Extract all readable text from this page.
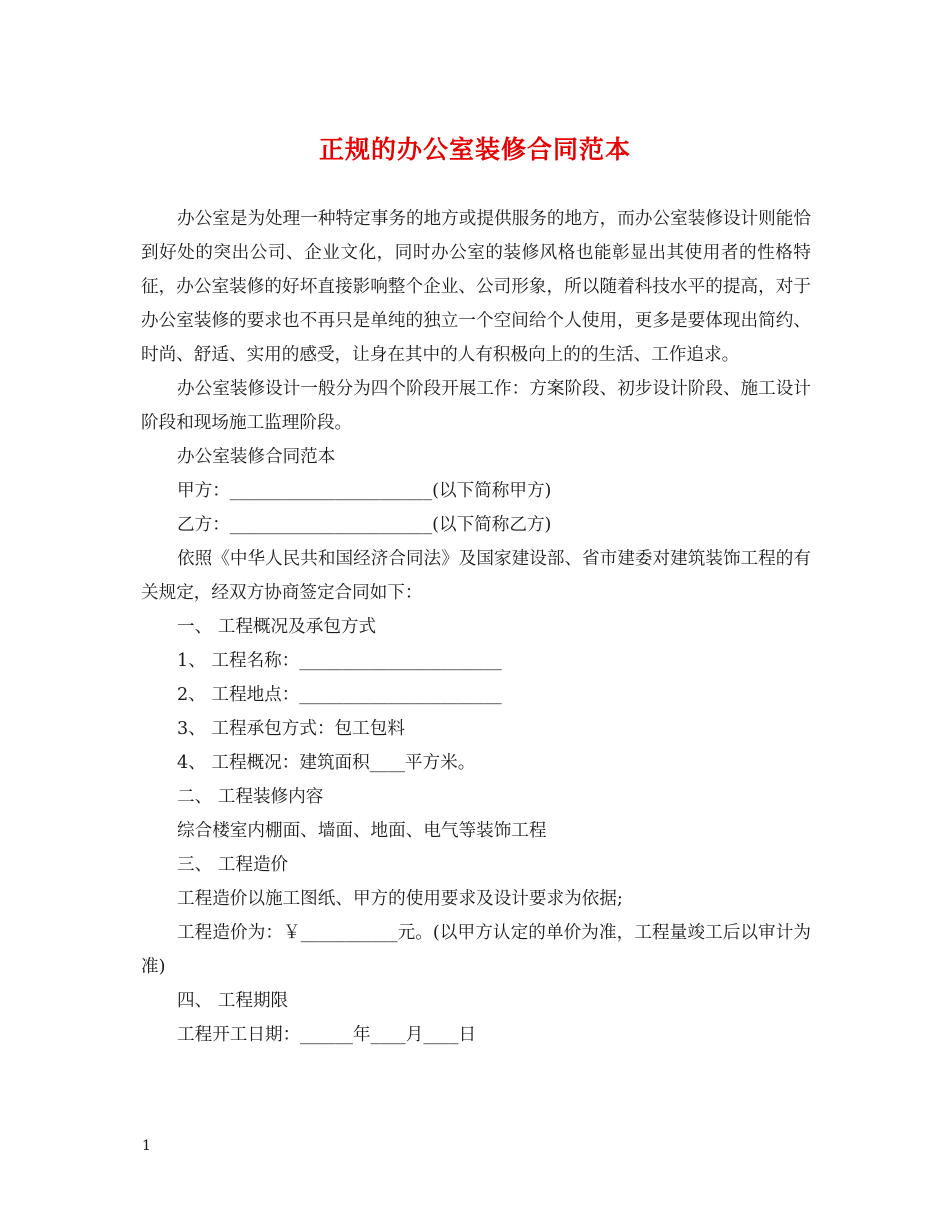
正规的办公室装修合同范本

办公室是为处理一种特定事务的地方或提供服务的地方，而办公室装修设计则能恰到好处的突出公司、企业文化，同时办公室的装修风格也能彰显出其使用者的性格特征，办公室装修的好坏直接影响整个企业、公司形象，所以随着科技水平的提高，对于办公室装修的要求也不再只是单纯的独立一个空间给个人使用，更多是要体现出简约、时尚、舒适、实用的感受，让身在其中的人有积极向上的的生活、工作追求。

办公室装修设计一般分为四个阶段开展工作：方案阶段、初步设计阶段、施工设计阶段和现场施工监理阶段。

办公室装修合同范本

甲方：_______________________(以下简称甲方)

乙方：_______________________(以下简称乙方)

依照《中华人民共和国经济合同法》及国家建设部、省市建委对建筑装饰工程的有关规定，经双方协商签定合同如下：

一、 工程概况及承包方式

1、 工程名称：_______________________

2、 工程地点：_______________________

3、 工程承包方式：包工包料

4、 工程概况：建筑面积____平方米。

二、 工程装修内容

综合楼室内棚面、墙面、地面、电气等装饰工程

三、 工程造价

工程造价以施工图纸、甲方的使用要求及设计要求为依据;

工程造价为：￥___________元。(以甲方认定的单价为准，工程量竣工后以审计为准)

四、 工程期限

工程开工日期：______年____月____日

1
